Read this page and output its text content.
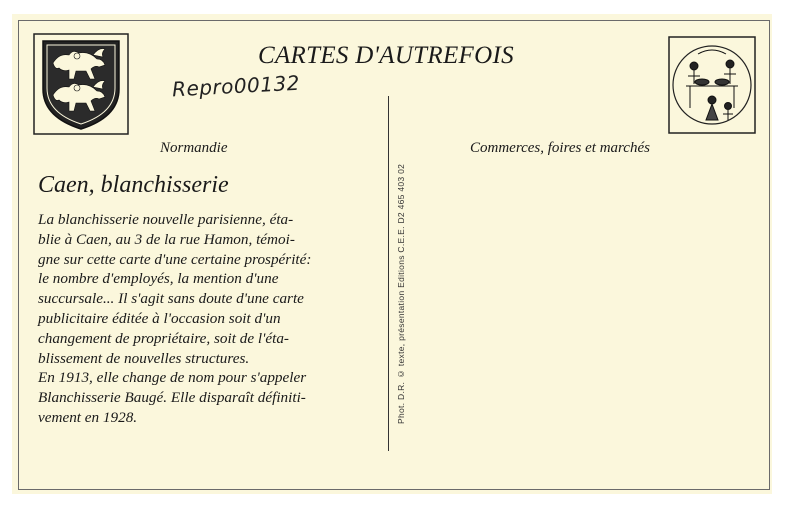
CARTES D'AUTREFOIS
Repro00132
Normandie	Commerces, foires et marchés
Caen, blanchisserie
La blanchisserie nouvelle parisienne, éta-
blie à Caen, au 3 de la rue Hamon, témoi-
gne sur cette carte d'une certaine prospérité:
le nombre d'employés, la mention d'une
succursale... Il s'agit sans doute d'une carte
publicitaire éditée à l'occasion soit d'un
changement de propriétaire, soit de l'éta-
blissement de nouvelles structures.
En 1913, elle change de nom pour s'appeler
Blanchisserie Baugé. Elle disparaît définiti-
vement en 1928.	Phot. D.R. © texte, présentation Editions C.E.E. D2 465 403 02
